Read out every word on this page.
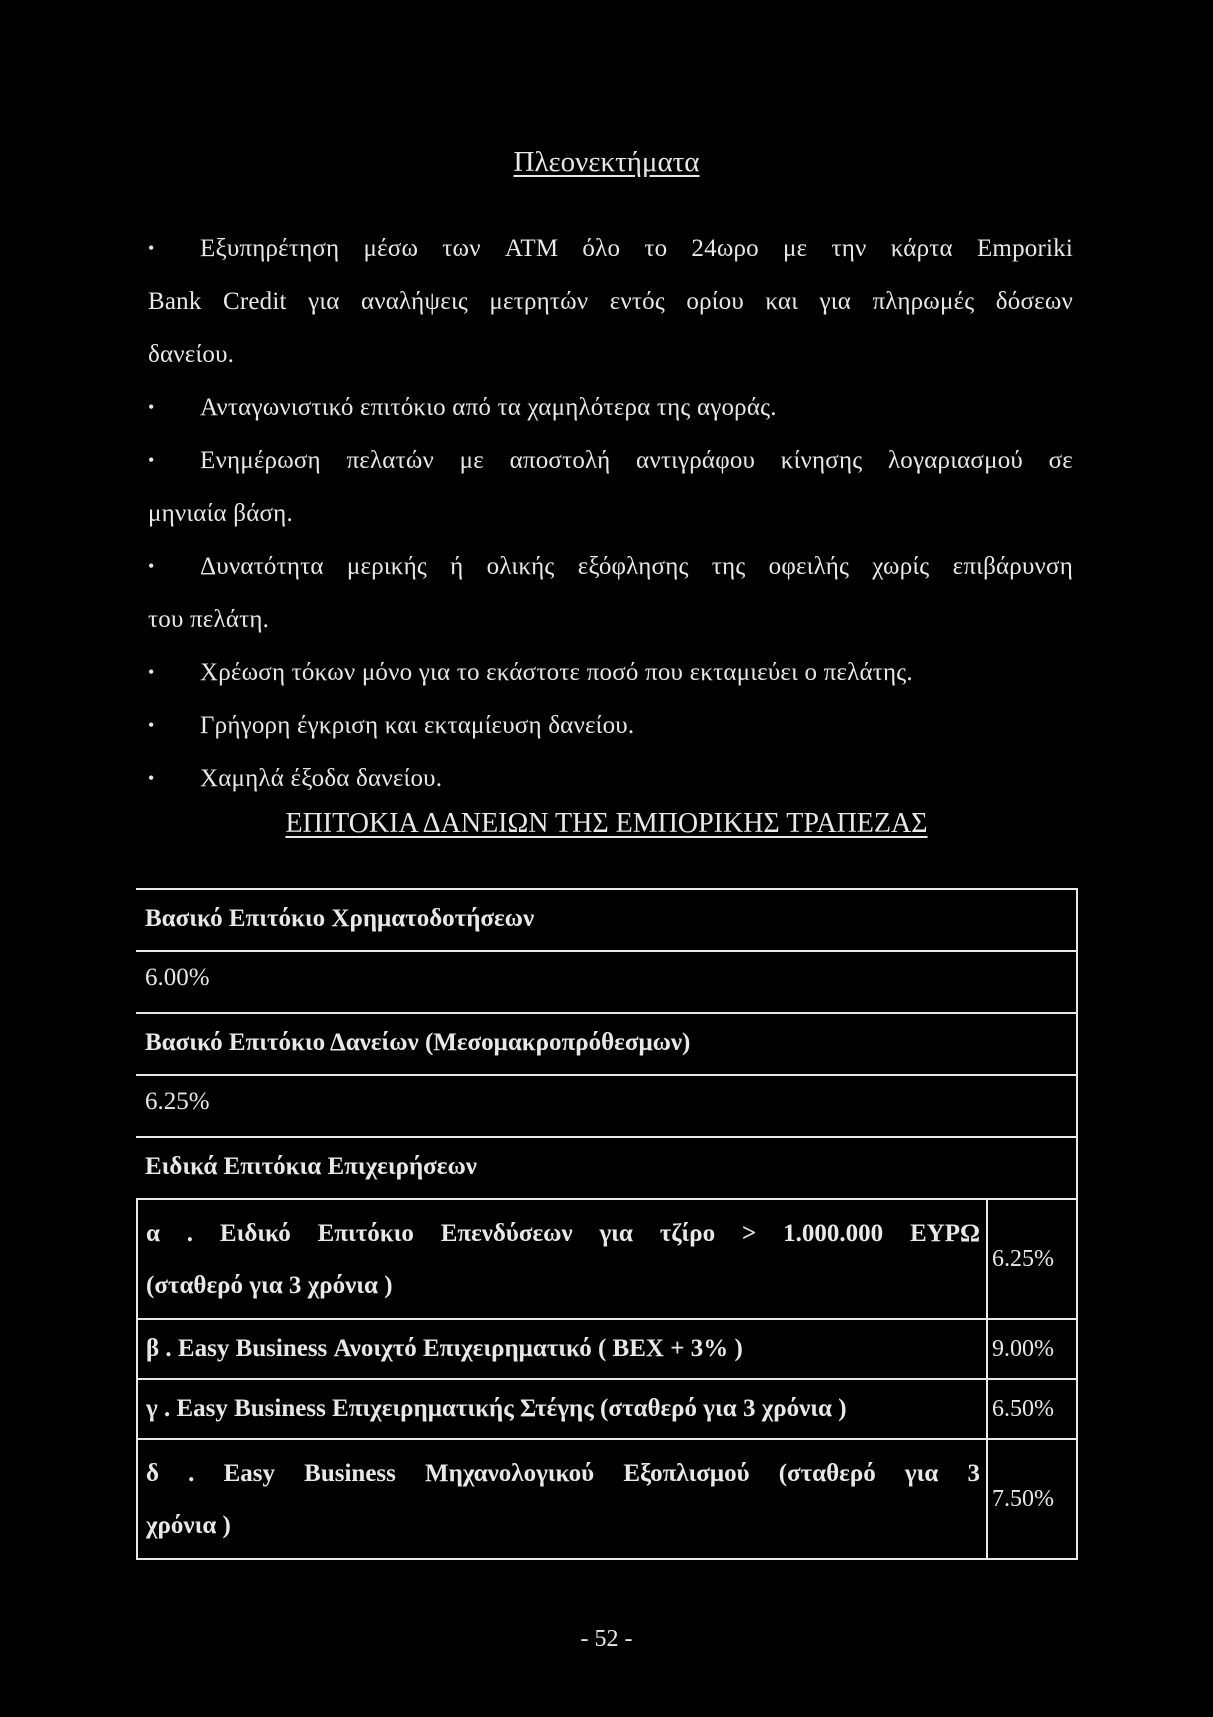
Πλεονεκτήματα
• Εξυπηρέτηση μέσω των ATM όλο το 24ωρο με την κάρτα Emporiki
Bank Credit για αναλήψεις μετρητών εντός ορίου και για πληρωμές δόσεων
δανείου.
• Ανταγωνιστικό επιτόκιο από τα χαμηλότερα της αγοράς.
• Ενημέρωση πελατών με αποστολή αντιγράφου κίνησης λογαριασμού σε
μηνιαία βάση.
• Δυνατότητα μερικής ή ολικής εξόφλησης της οφειλής χωρίς επιβάρυνση
του πελάτη.
• Χρέωση τόκων μόνο για το εκάστοτε ποσό που εκταμιεύει ο πελάτης.
• Γρήγορη έγκριση και εκταμίευση δανείου.
• Χαμηλά έξοδα δανείου.
ΕΠΙΤΟΚΙΑ ΔΑΝΕΙΩΝ ΤΗΣ ΕΜΠΟΡΙΚΗΣ ΤΡΑΠΕΖΑΣ
Βασικό Επιτόκιο Χρηματοδοτήσεων
6.00%
Βασικό Επιτόκιο Δανείων (Μεσομακροπρόθεσμων)
6.25%
Ειδικά Επιτόκια Επιχειρήσεων
α . Ειδικό Επιτόκιο Επενδύσεων για τζίρο > 1.000.000 ΕΥΡΩ
(σταθερό για 3 χρόνια )
6.25%
β . Easy Business Ανοιχτό Επιχειρηματικό ( ΒΕΧ + 3% )	9.00%
γ . Easy Business Επιχειρηματικής Στέγης (σταθερό για 3 χρόνια )	6.50%
δ . Easy Business Μηχανολογικού Εξοπλισμού (σταθερό για 3
χρόνια )
7.50%
- 52 -
